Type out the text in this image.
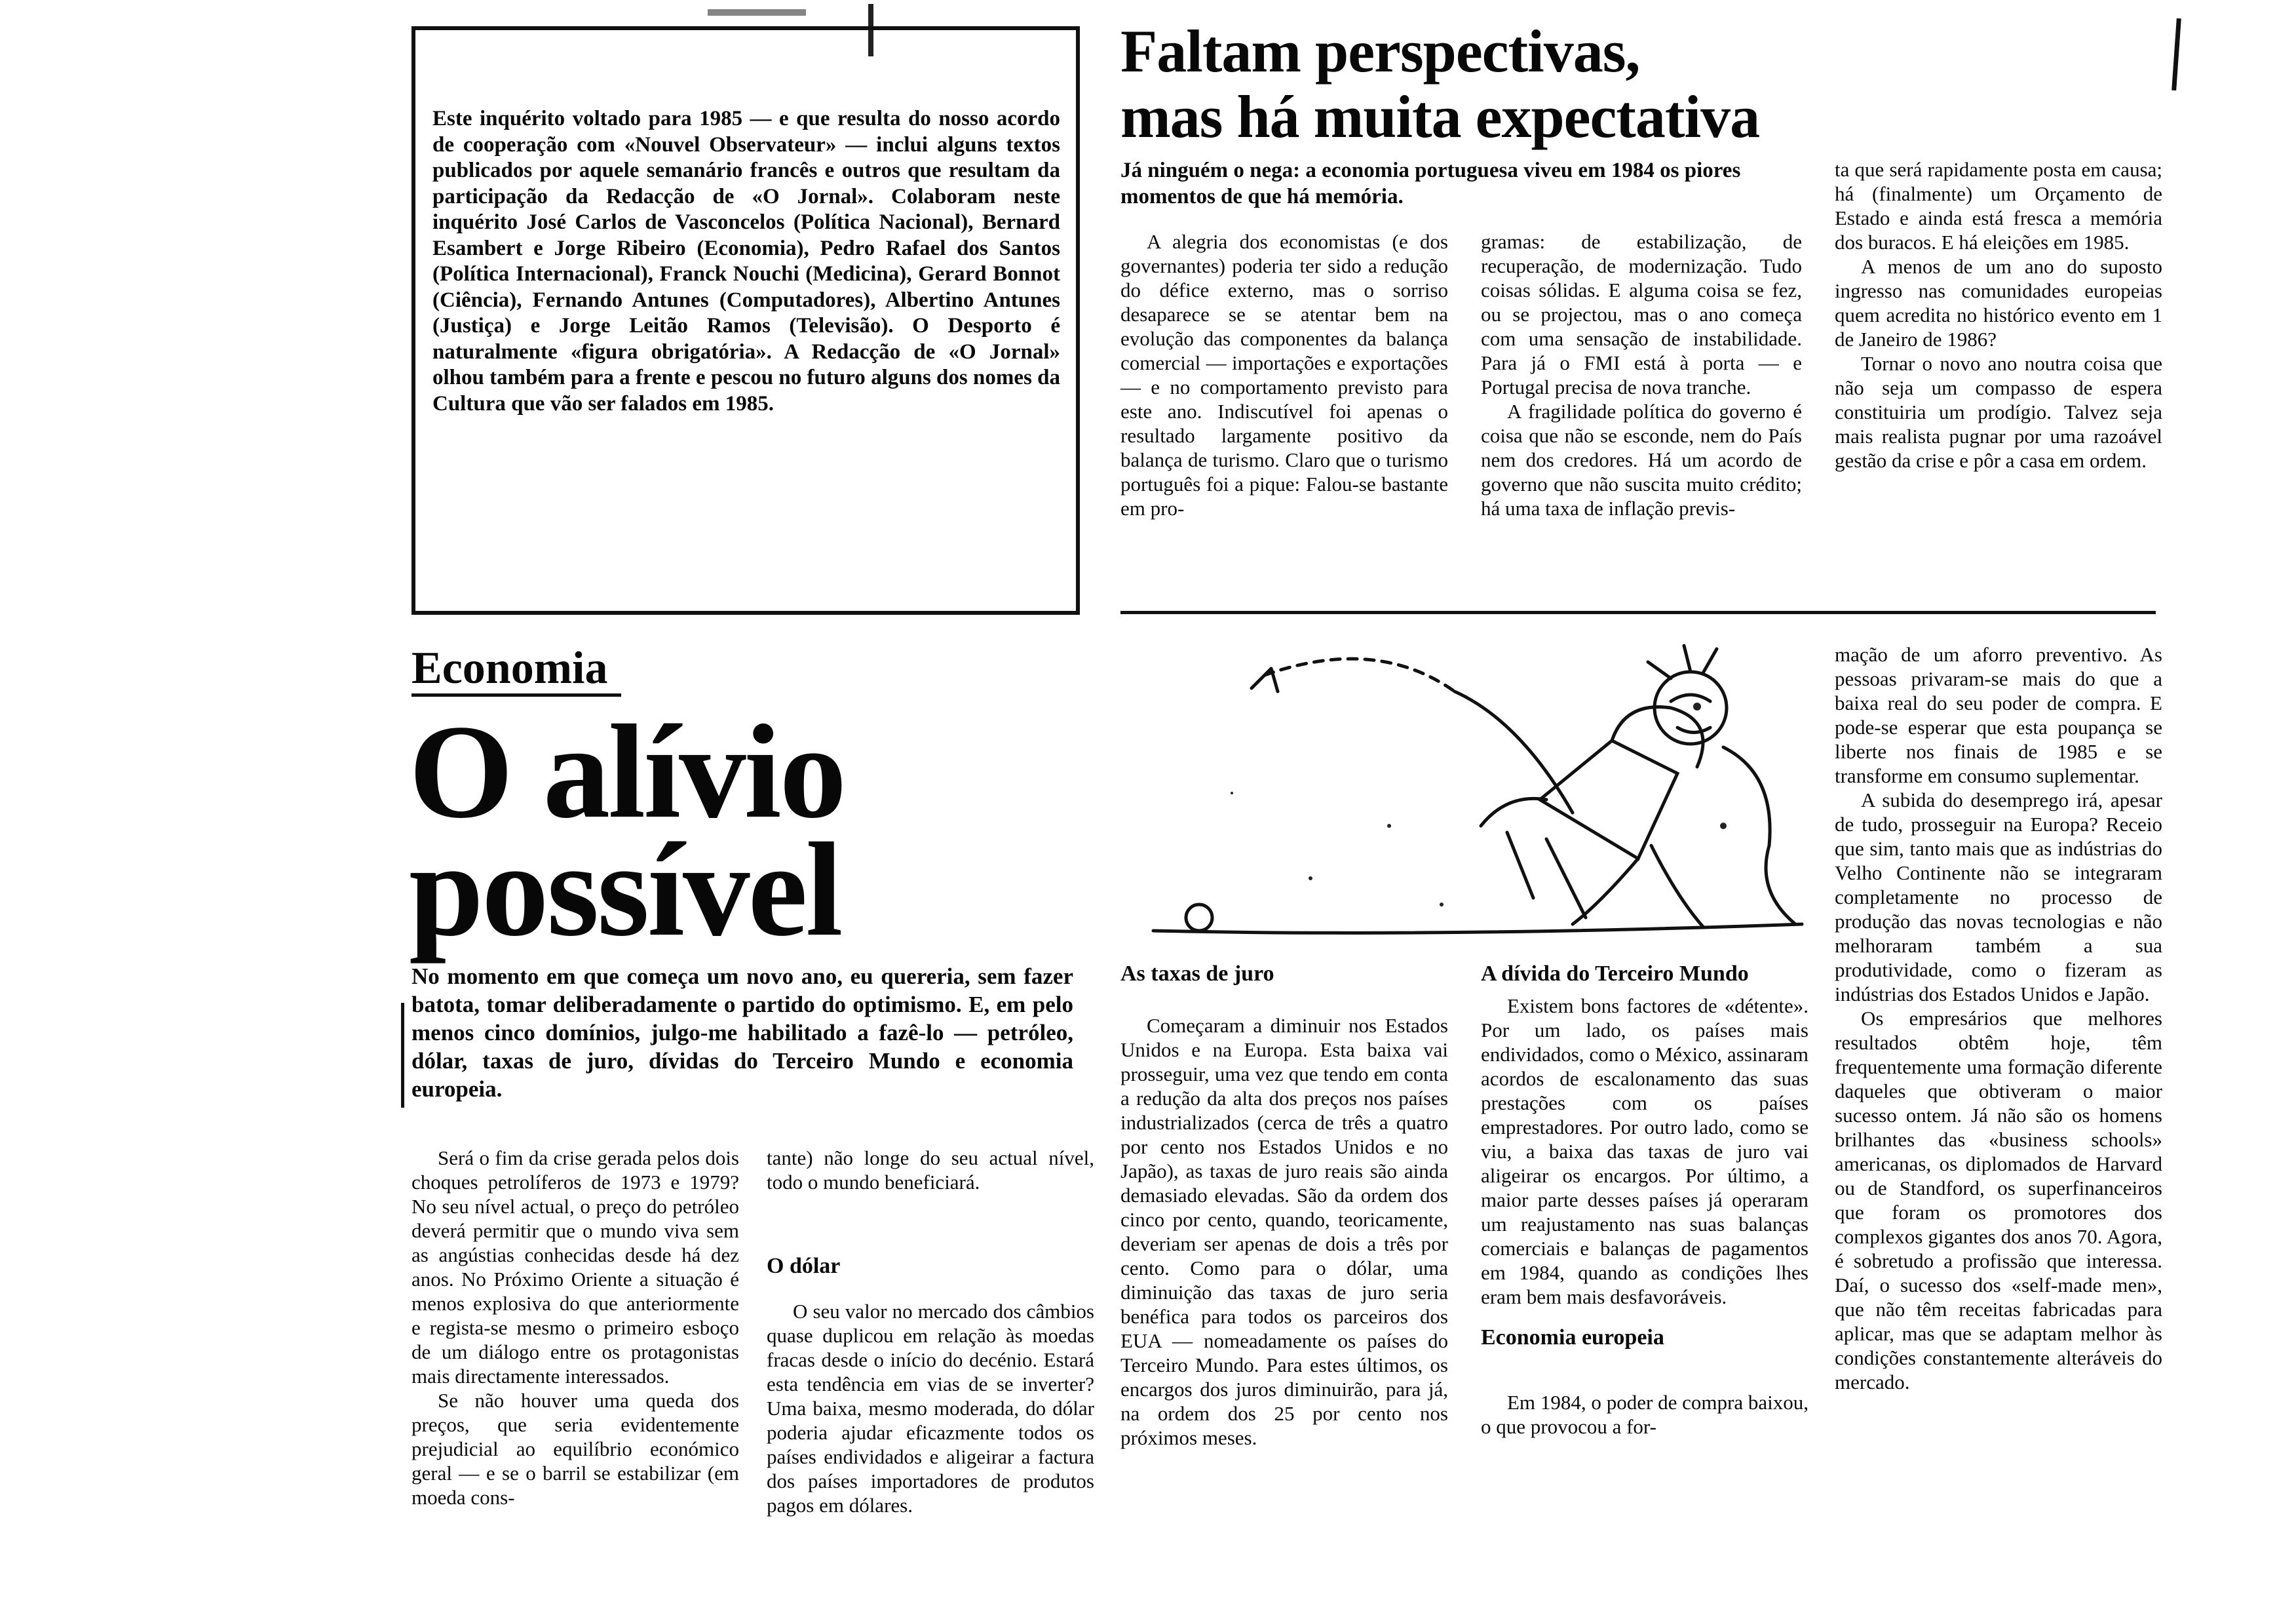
Este inquérito voltado para 1985 — e que resulta do nosso acordo de cooperação com «Nouvel Observateur» — inclui alguns textos publicados por aquele semanário francês e outros que resultam da participação da Redacção de «O Jornal». Colaboram neste inquérito José Carlos de Vasconcelos (Política Nacional), Bernard Esambert e Jorge Ribeiro (Economia), Pedro Rafael dos Santos (Política Internacional), Franck Nouchi (Medicina), Gerard Bonnot (Ciência), Fernando Antunes (Computadores), Albertino Antunes (Justiça) e Jorge Leitão Ramos (Televisão). O Desporto é naturalmente «figura obrigatória». A Redacção de «O Jornal» olhou também para a frente e pescou no futuro alguns dos nomes da Cultura que vão ser falados em 1985.
Faltam perspectivas,
mas há muita expectativa
Já ninguém o nega: a economia portuguesa viveu em 1984 os piores momentos de que há memória.

A alegria dos economistas (e dos governantes) poderia ter sido a redução do défice externo, mas o sorriso desaparece se se atentar bem na evolução das componentes da balança comercial — importações e exportações — e no comportamento previsto para este ano. Indiscutível foi apenas o resultado largamente positivo da balança de turismo. Claro que o turismo português foi a pique: Falou-se bastante em pro-

gramas: de estabilização, de recuperação, de modernização. Tudo coisas sólidas. E alguma coisa se fez, ou se projectou, mas o ano começa com uma sensação de instabilidade. Para já o FMI está à porta — e Portugal precisa de nova tranche.

A fragilidade política do governo é coisa que não se esconde, nem do País nem dos credores. Há um acordo de governo que não suscita muito crédito; há uma taxa de inflação previs-

ta que será rapidamente posta em causa; há (finalmente) um Orçamento de Estado e ainda está fresca a memória dos buracos. E há eleições em 1985.

A menos de um ano do suposto ingresso nas comunidades europeias quem acredita no histórico evento em 1 de Janeiro de 1986?

Tornar o novo ano noutra coisa que não seja um compasso de espera constituiria um prodígio. Talvez seja mais realista pugnar por uma razoável gestão da crise e pôr a casa em ordem.

Economia
O alívio
possível
No momento em que começa um novo ano, eu quereria, sem fazer batota, tomar deliberadamente o partido do optimismo. E, em pelo menos cinco domínios, julgo-me habilitado a fazê-lo — petróleo, dólar, taxas de juro, dívidas do Terceiro Mundo e economia europeia.

Será o fim da crise gerada pelos dois choques petrolíferos de 1973 e 1979? No seu nível actual, o preço do petróleo deverá permitir que o mundo viva sem as angústias conhecidas desde há dez anos. No Próximo Oriente a situação é menos explosiva do que anteriormente e regista-se mesmo o primeiro esboço de um diálogo entre os protagonistas mais directamente interessados.

Se não houver uma queda dos preços, que seria evidentemente prejudicial ao equilíbrio económico geral — e se o barril se estabilizar (em moeda cons-

tante) não longe do seu actual nível, todo o mundo beneficiará.

O dólar

O seu valor no mercado dos câmbios quase duplicou em relação às moedas fracas desde o início do decénio. Estará esta tendência em vias de se inverter? Uma baixa, mesmo moderada, do dólar poderia ajudar eficazmente todos os países endividados e aligeirar a factura dos países importadores de produtos pagos em dólares.

As taxas de juro

Começaram a diminuir nos Estados Unidos e na Europa. Esta baixa vai prosseguir, uma vez que tendo em conta a redução da alta dos preços nos países industrializados (cerca de três a quatro por cento nos Estados Unidos e no Japão), as taxas de juro reais são ainda demasiado elevadas. São da ordem dos cinco por cento, quando, teoricamente, deveriam ser apenas de dois a três por cento. Como para o dólar, uma diminuição das taxas de juro seria benéfica para todos os parceiros dos EUA — nomeadamente os países do Terceiro Mundo. Para estes últimos, os encargos dos juros diminuirão, para já, na ordem dos 25 por cento nos próximos meses.

A dívida do Terceiro Mundo

Existem bons factores de «détente». Por um lado, os países mais endividados, como o México, assinaram acordos de escalonamento das suas prestações com os países emprestadores. Por outro lado, como se viu, a baixa das taxas de juro vai aligeirar os encargos. Por último, a maior parte desses países já operaram um reajustamento nas suas balanças comerciais e balanças de pagamentos em 1984, quando as condições lhes eram bem mais desfavoráveis.

Economia europeia

Em 1984, o poder de compra baixou, o que provocou a for-

mação de um aforro preventivo. As pessoas privaram-se mais do que a baixa real do seu poder de compra. E pode-se esperar que esta poupança se liberte nos finais de 1985 e se transforme em consumo suplementar.

A subida do desemprego irá, apesar de tudo, prosseguir na Europa? Receio que sim, tanto mais que as indústrias do Velho Continente não se integraram completamente no processo de produção das novas tecnologias e não melhoraram também a sua produtividade, como o fizeram as indústrias dos Estados Unidos e Japão.

Os empresários que melhores resultados obtêm hoje, têm frequentemente uma formação diferente daqueles que obtiveram o maior sucesso ontem. Já não são os homens brilhantes das «business schools» americanas, os diplomados de Harvard ou de Standford, os superfinanceiros que foram os promotores dos complexos gigantes dos anos 70. Agora, é sobretudo a profissão que interessa. Daí, o sucesso dos «self-made men», que não têm receitas fabricadas para aplicar, mas que se adaptam melhor às condições constantemente alteráveis do mercado.
